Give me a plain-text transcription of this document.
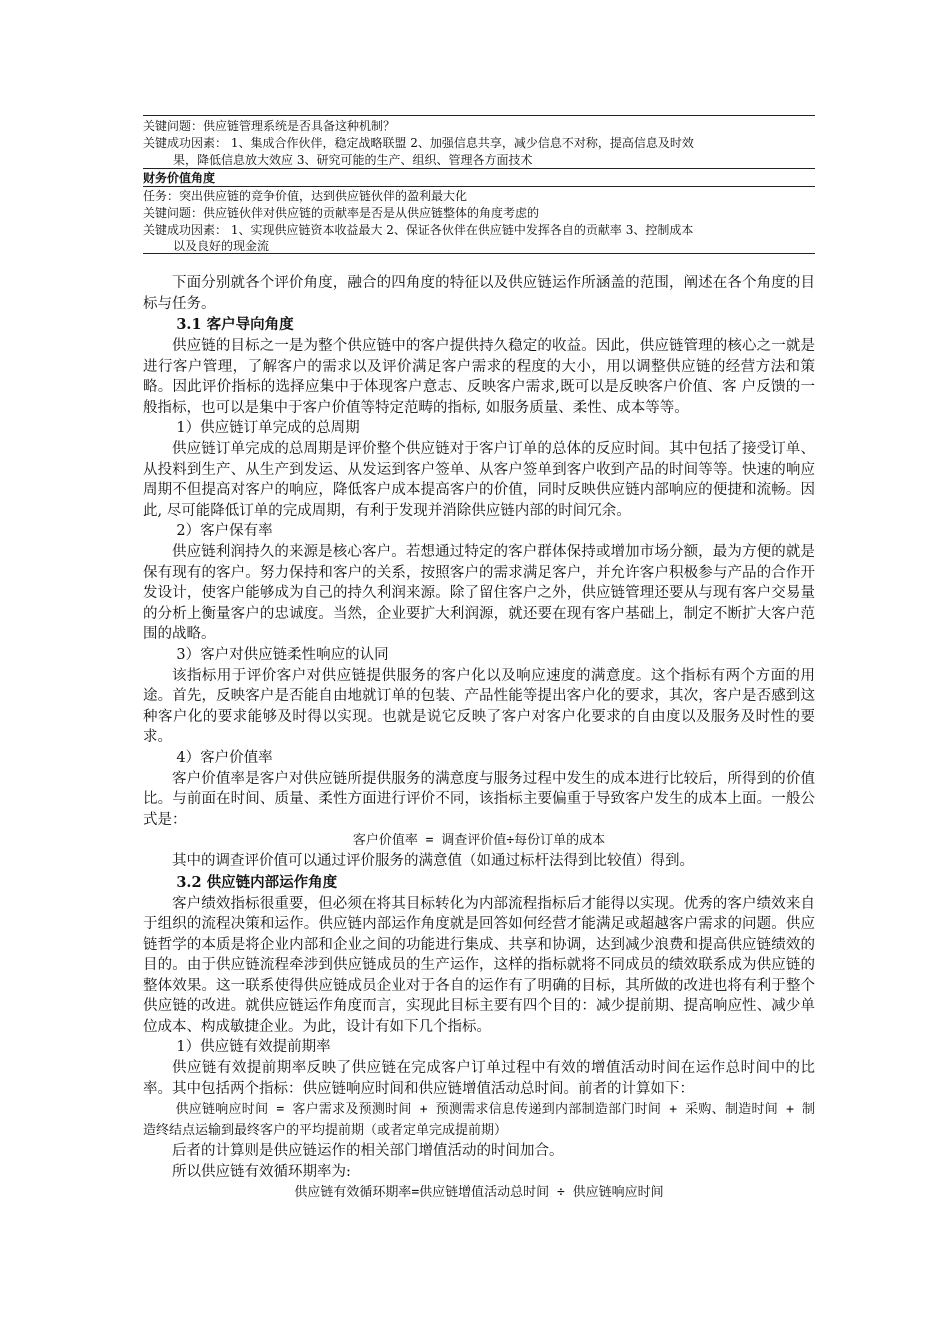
关键问题：供应链管理系统是否具备这种机制？
关键成功因素： 1、集成合作伙伴，稳定战略联盟 2、加强信息共享，减少信息不对称，提高信息及时效
果，降低信息放大效应 3、研究可能的生产、组织、管理各方面技术
财务价值角度
任务：突出供应链的竞争价值，达到供应链伙伴的盈利最大化
关键问题：供应链伙伴对供应链的贡献率是否是从供应链整体的角度考虑的
关键成功因素： 1、实现供应链资本收益最大 2、保证各伙伴在供应链中发挥各自的贡献率 3、控制成本
以及良好的现金流

下面分别就各个评价角度，融合的四角度的特征以及供应链运作所涵盖的范围，阐述在各个角度的目标与任务。

3.1 客户导向角度

供应链的目标之一是为整个供应链中的客户提供持久稳定的收益。因此，供应链管理的核心之一就是进行客户管理，了解客户的需求以及评价满足客户需求的程度的大小，用以调整供应链的经营方法和策略。因此评价指标的选择应集中于体现客户意志、反映客户需求,既可以是反映客户价值、客 户反馈的一般指标，也可以是集中于客户价值等特定范畴的指标, 如服务质量、柔性、成本等等。

1）供应链订单完成的总周期

供应链订单完成的总周期是评价整个供应链对于客户订单的总体的反应时间。其中包括了接受订单、从投料到生产、从生产到发运、从发运到客户签单、从客户签单到客户收到产品的时间等等。快速的响应周期不但提高对客户的响应，降低客户成本提高客户的价值，同时反映供应链内部响应的便捷和流畅。因此, 尽可能降低订单的完成周期，有利于发现并消除供应链内部的时间冗余。

2）客户保有率

供应链利润持久的来源是核心客户。若想通过特定的客户群体保持或增加市场分额，最为方便的就是保有现有的客户。努力保持和客户的关系，按照客户的需求满足客户，并允许客户积极参与产品的合作开发设计，使客户能够成为自己的持久利润来源。除了留住客户之外，供应链管理还要从与现有客户交易量的分析上衡量客户的忠诚度。当然，企业要扩大利润源，就还要在现有客户基础上，制定不断扩大客户范围的战略。

3）客户对供应链柔性响应的认同

该指标用于评价客户对供应链提供服务的客户化以及响应速度的满意度。这个指标有两个方面的用途。首先，反映客户是否能自由地就订单的包装、产品性能等提出客户化的要求，其次，客户是否感到这种客户化的要求能够及时得以实现。也就是说它反映了客户对客户化要求的自由度以及服务及时性的要求。

4）客户价值率

客户价值率是客户对供应链所提供服务的满意度与服务过程中发生的成本进行比较后，所得到的价值比。与前面在时间、质量、柔性方面进行评价不同，该指标主要偏重于导致客户发生的成本上面。一般公式是：

客户价值率 = 调查评价值÷每份订单的成本

其中的调查评价值可以通过评价服务的满意值（如通过标杆法得到比较值）得到。

3.2 供应链内部运作角度

客户绩效指标很重要，但必须在将其目标转化为内部流程指标后才能得以实现。优秀的客户绩效来自于组织的流程决策和运作。供应链内部运作角度就是回答如何经营才能满足或超越客户需求的问题。供应链哲学的本质是将企业内部和企业之间的功能进行集成、共享和协调，达到减少浪费和提高供应链绩效的目的。由于供应链流程牵涉到供应链成员的生产运作，这样的指标就将不同成员的绩效联系成为供应链的整体效果。这一联系使得供应链成员企业对于各自的运作有了明确的目标，其所做的改进也将有利于整个供应链的改进。就供应链运作角度而言，实现此目标主要有四个目的：减少提前期、提高响应性、减少单位成本、构成敏捷企业。为此，设计有如下几个指标。

1）供应链有效提前期率

供应链有效提前期率反映了供应链在完成客户订单过程中有效的增值活动时间在运作总时间中的比率。其中包括两个指标：供应链响应时间和供应链增值活动总时间。前者的计算如下：

供应链响应时间 = 客户需求及预测时间 + 预测需求信息传递到内部制造部门时间 + 采购、制造时间 + 制造终结点运输到最终客户的平均提前期（或者定单完成提前期）

后者的计算则是供应链运作的相关部门增值活动的时间加合。

所以供应链有效循环期率为:

供应链有效循环期率=供应链增值活动总时间 ÷ 供应链响应时间
